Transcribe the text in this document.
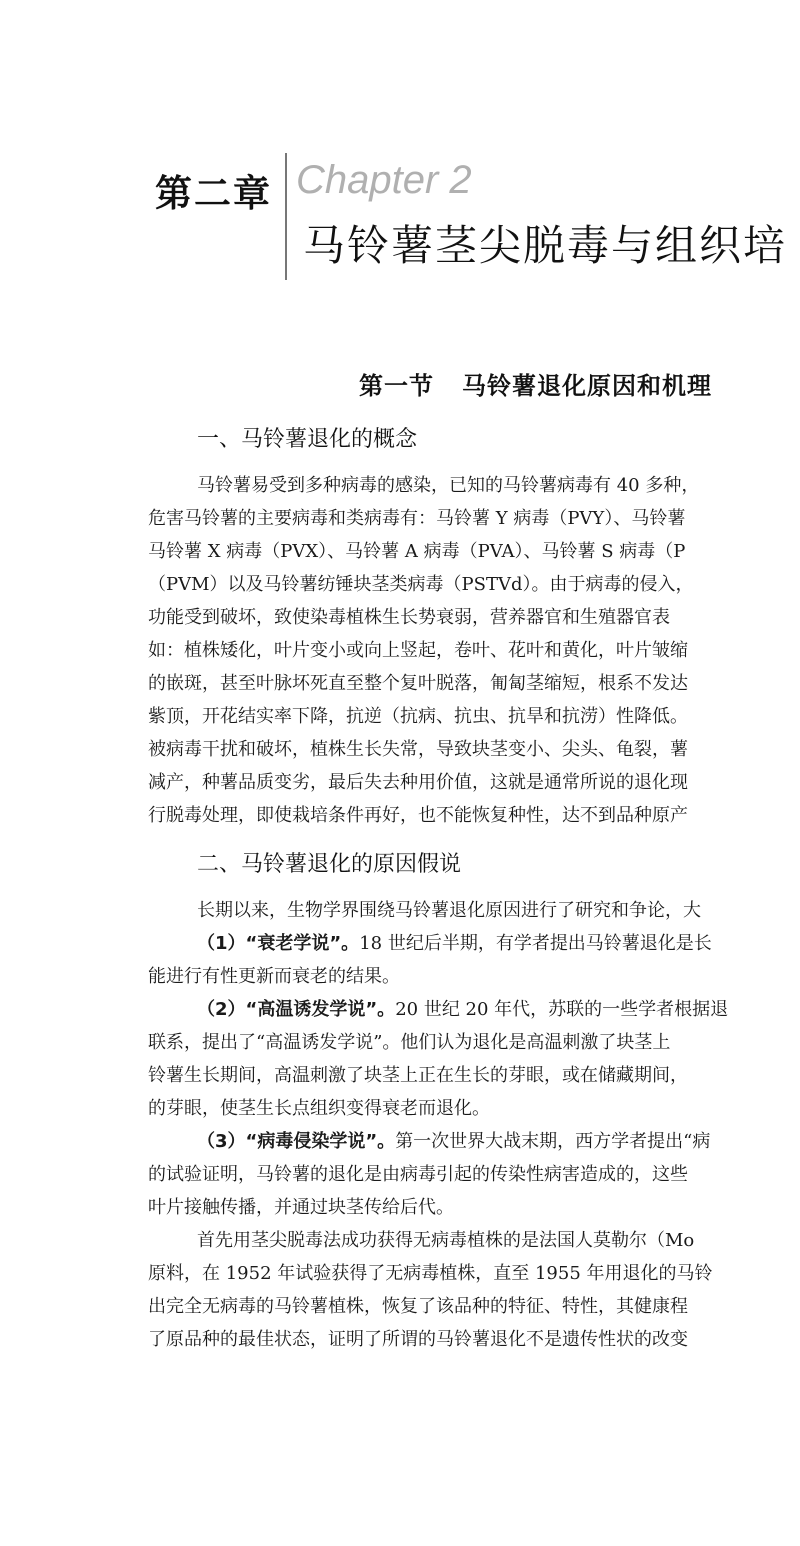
第二章 Chapter 2
马铃薯茎尖脱毒与组织培
第一节 马铃薯退化原因和机理
一、马铃薯退化的概念
马铃薯易受到多种病毒的感染，已知的马铃薯病毒有 40 多种，
危害马铃薯的主要病毒和类病毒有：马铃薯 Y 病毒（PVY）、马铃薯
马铃薯 X 病毒（PVX）、马铃薯 A 病毒（PVA）、马铃薯 S 病毒（P
（PVM）以及马铃薯纺锤块茎类病毒（PSTVd）。由于病毒的侵入，
功能受到破坏，致使染毒植株生长势衰弱，营养器官和生殖器官表
如：植株矮化，叶片变小或向上竖起，卷叶、花叶和黄化，叶片皱缩
的嵌斑，甚至叶脉坏死直至整个复叶脱落，匍匐茎缩短，根系不发达
紫顶，开花结实率下降，抗逆（抗病、抗虫、抗旱和抗涝）性降低。
被病毒干扰和破坏，植株生长失常，导致块茎变小、尖头、龟裂，薯
减产，种薯品质变劣，最后失去种用价值，这就是通常所说的退化现
行脱毒处理，即使栽培条件再好，也不能恢复种性，达不到品种原产
二、马铃薯退化的原因假说
长期以来，生物学界围绕马铃薯退化原因进行了研究和争论，大
（1）“衰老学说”。18 世纪后半期，有学者提出马铃薯退化是长
能进行有性更新而衰老的结果。
（2）“高温诱发学说”。20 世纪 20 年代，苏联的一些学者根据退
联系，提出了“高温诱发学说”。他们认为退化是高温刺激了块茎上
铃薯生长期间，高温刺激了块茎上正在生长的芽眼，或在储藏期间，
的芽眼，使茎生长点组织变得衰老而退化。
（3）“病毒侵染学说”。第一次世界大战末期，西方学者提出“病
的试验证明，马铃薯的退化是由病毒引起的传染性病害造成的，这些
叶片接触传播，并通过块茎传给后代。
首先用茎尖脱毒法成功获得无病毒植株的是法国人莫勒尔（Mo
原料，在 1952 年试验获得了无病毒植株，直至 1955 年用退化的马铃
出完全无病毒的马铃薯植株，恢复了该品种的特征、特性，其健康程
了原品种的最佳状态，证明了所谓的马铃薯退化不是遗传性状的改变
